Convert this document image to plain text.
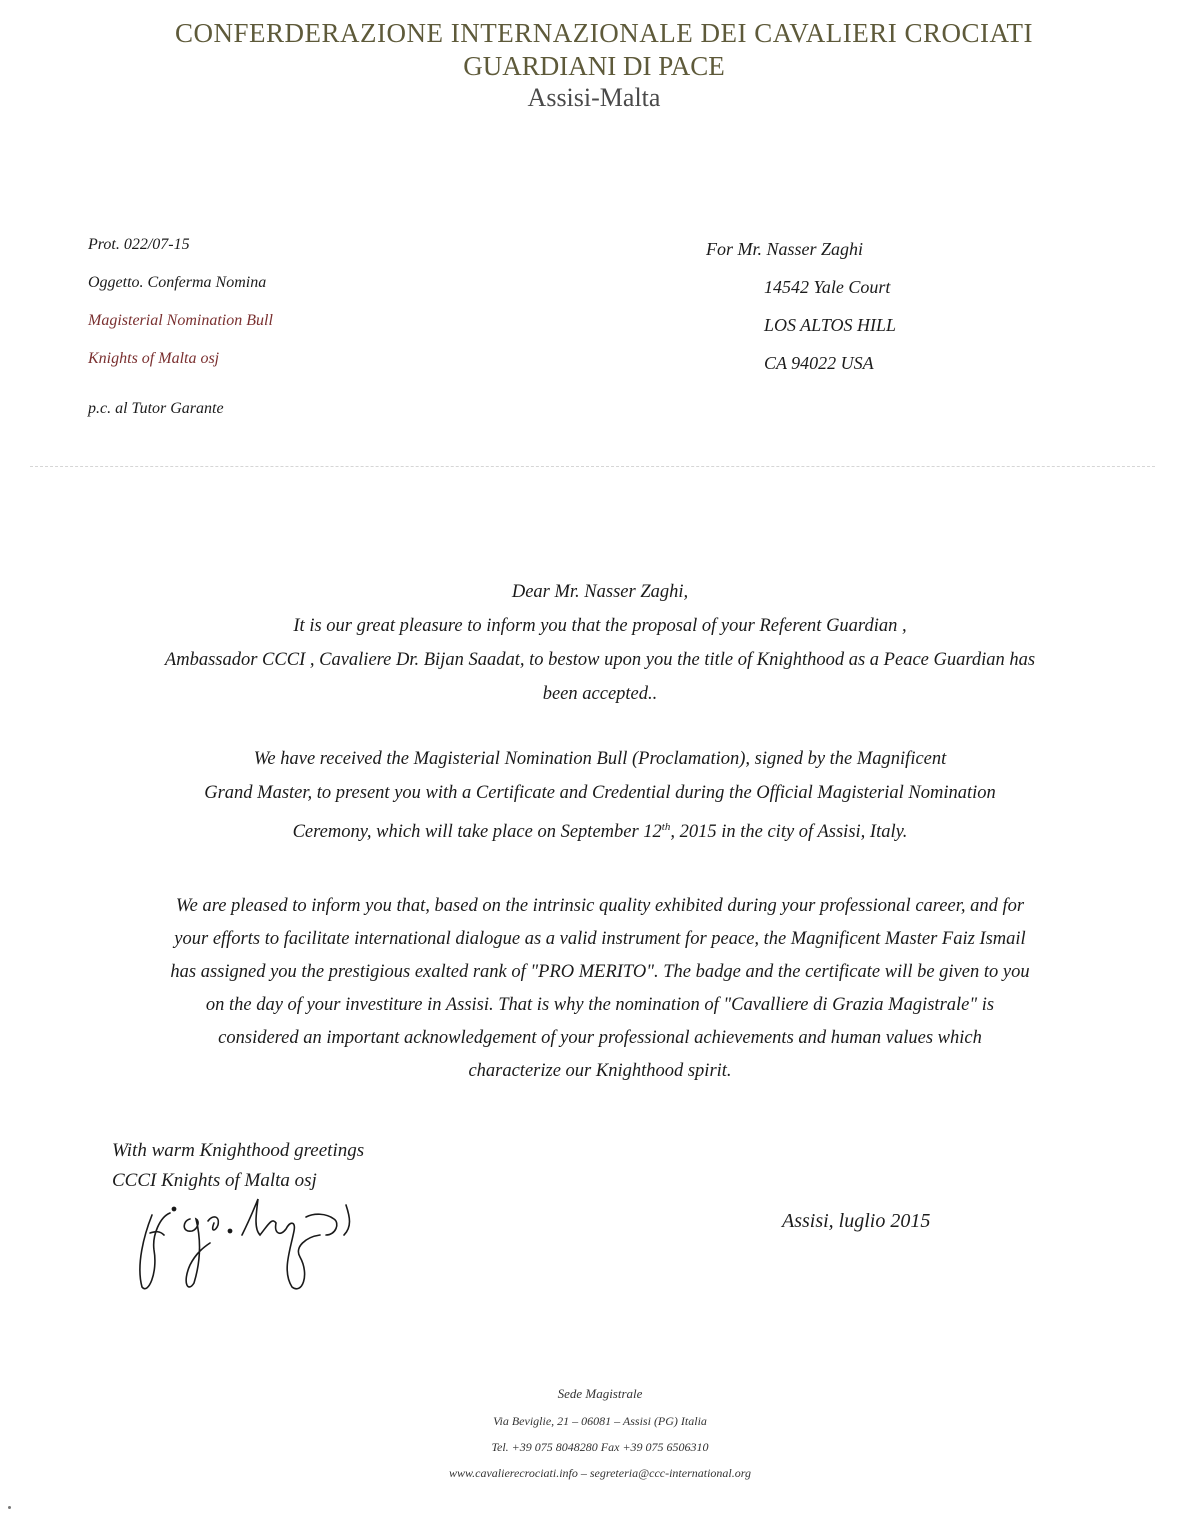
CONFERDERAZIONE INTERNAZIONALE DEI CAVALIERI CROCIATI
GUARDIANI DI PACE
Assisi-Malta
Prot. 022/07-15
Oggetto. Conferma Nomina
Magisterial Nomination Bull
Knights of Malta osj
p.c. al Tutor Garante
For Mr. Nasser Zaghi
14542 Yale Court
LOS ALTOS HILL
CA 94022 USA
Dear Mr. Nasser Zaghi,
It is our great pleasure to inform you that the proposal of your Referent Guardian ,
Ambassador CCCI , Cavaliere Dr. Bijan Saadat, to bestow upon you the title of Knighthood as a Peace Guardian has
been accepted..
We have received the Magisterial Nomination Bull (Proclamation), signed by the Magnificent
Grand Master, to present you with a Certificate and Credential during the Official Magisterial Nomination
Ceremony, which will take place on September 12th, 2015 in the city of Assisi, Italy.
We are pleased to inform you that, based on the intrinsic quality exhibited during your professional career, and for
your efforts to facilitate international dialogue as a valid instrument for peace, the Magnificent Master Faiz Ismail
has assigned you the prestigious exalted rank of "PRO MERITO". The badge and the certificate will be given to you
on the day of your investiture in Assisi. That is why the nomination of "Cavalliere di Grazia Magistrale" is
considered an important acknowledgement of your professional achievements and human values which
characterize our Knighthood spirit.
With warm Knighthood greetings
CCCI Knights of Malta osj
Assisi, luglio 2015
Sede Magistrale
Via Beviglie, 21 – 06081 – Assisi (PG) Italia
Tel. +39 075 8048280 Fax +39 075 6506310
www.cavalierecrociati.info – segreteria@ccc-international.org
